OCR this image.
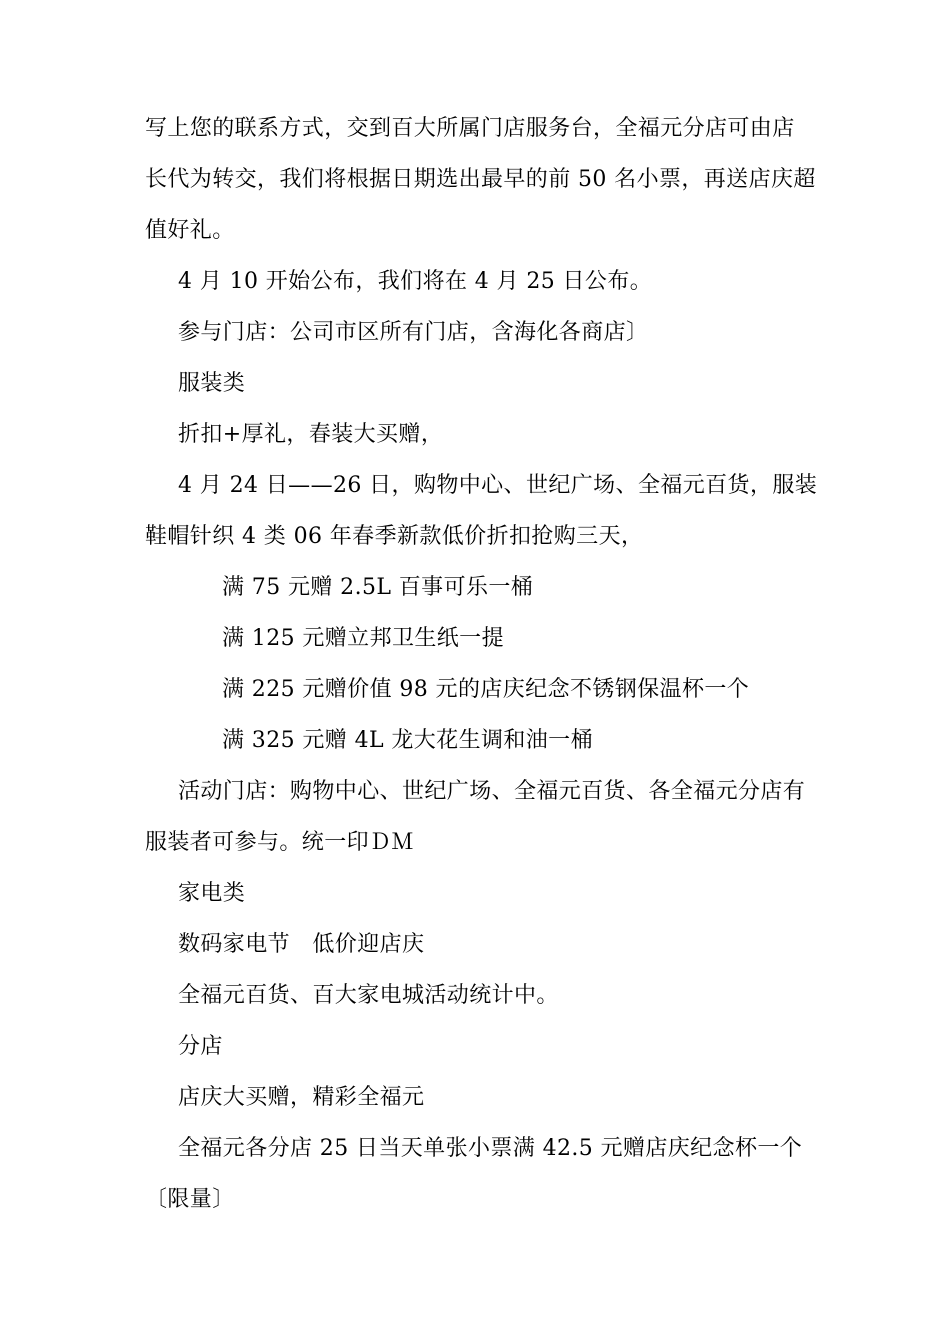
写上您的联系方式，交到百大所属门店服务台，全福元分店可由店
长代为转交，我们将根据日期选出最早的前 50 名小票，再送店庆超
值好礼。
4 月 10 开始公布，我们将在 4 月 25 日公布。
参与门店：公司市区所有门店，含海化各商店〕
服装类
折扣+厚礼，春装大买赠，
4 月 24 日——26 日，购物中心、世纪广场、全福元百货，服装
鞋帽针织 4 类 06 年春季新款低价折扣抢购三天，
满 75 元赠 2.5L 百事可乐一桶
满 125 元赠立邦卫生纸一提
满 225 元赠价值 98 元的店庆纪念不锈钢保温杯一个
满 325 元赠 4L 龙大花生调和油一桶
活动门店：购物中心、世纪广场、全福元百货、各全福元分店有
服装者可参与。统一印ＤＭ
家电类
数码家电节　低价迎店庆
全福元百货、百大家电城活动统计中。
分店
店庆大买赠，精彩全福元
全福元各分店 25 日当天单张小票满 42.5 元赠店庆纪念杯一个
〔限量〕
